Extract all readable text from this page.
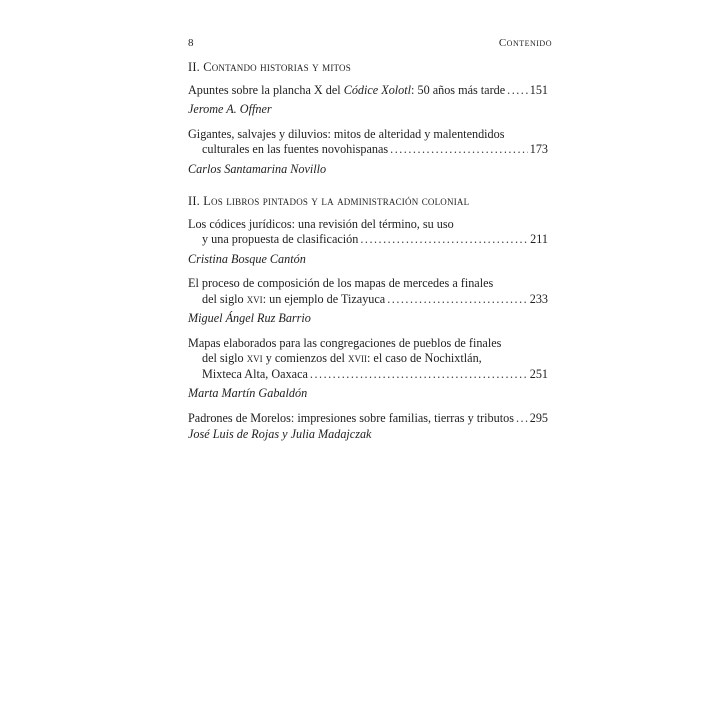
8	Contenido

II. Contando historias y mitos

Apuntes sobre la plancha X del Códice Xolotl: 50 años más tarde ..... 151
Jerome A. Offner
Gigantes, salvajes y diluvios: mitos de alteridad y malentendidos
culturales en las fuentes novohispanas .....	173
Carlos Santamarina Novillo

II. Los libros pintados y la administración colonial

Los códices jurídicos: una revisión del término, su uso
y una propuesta de clasificación .....	211
Cristina Bosque Cantón
El proceso de composición de los mapas de mercedes a finales
del siglo xvi: un ejemplo de Tizayuca .....	233
Miguel Ángel Ruz Barrio
Mapas elaborados para las congregaciones de pueblos de finales
del siglo xvi y comienzos del xvii: el caso de Nochixtlán,
Mixteca Alta, Oaxaca .....	251
Marta Martín Gabaldón
Padrones de Morelos: impresiones sobre familias, tierras y tributos ..... 295
José Luis de Rojas y Julia Madajczak
